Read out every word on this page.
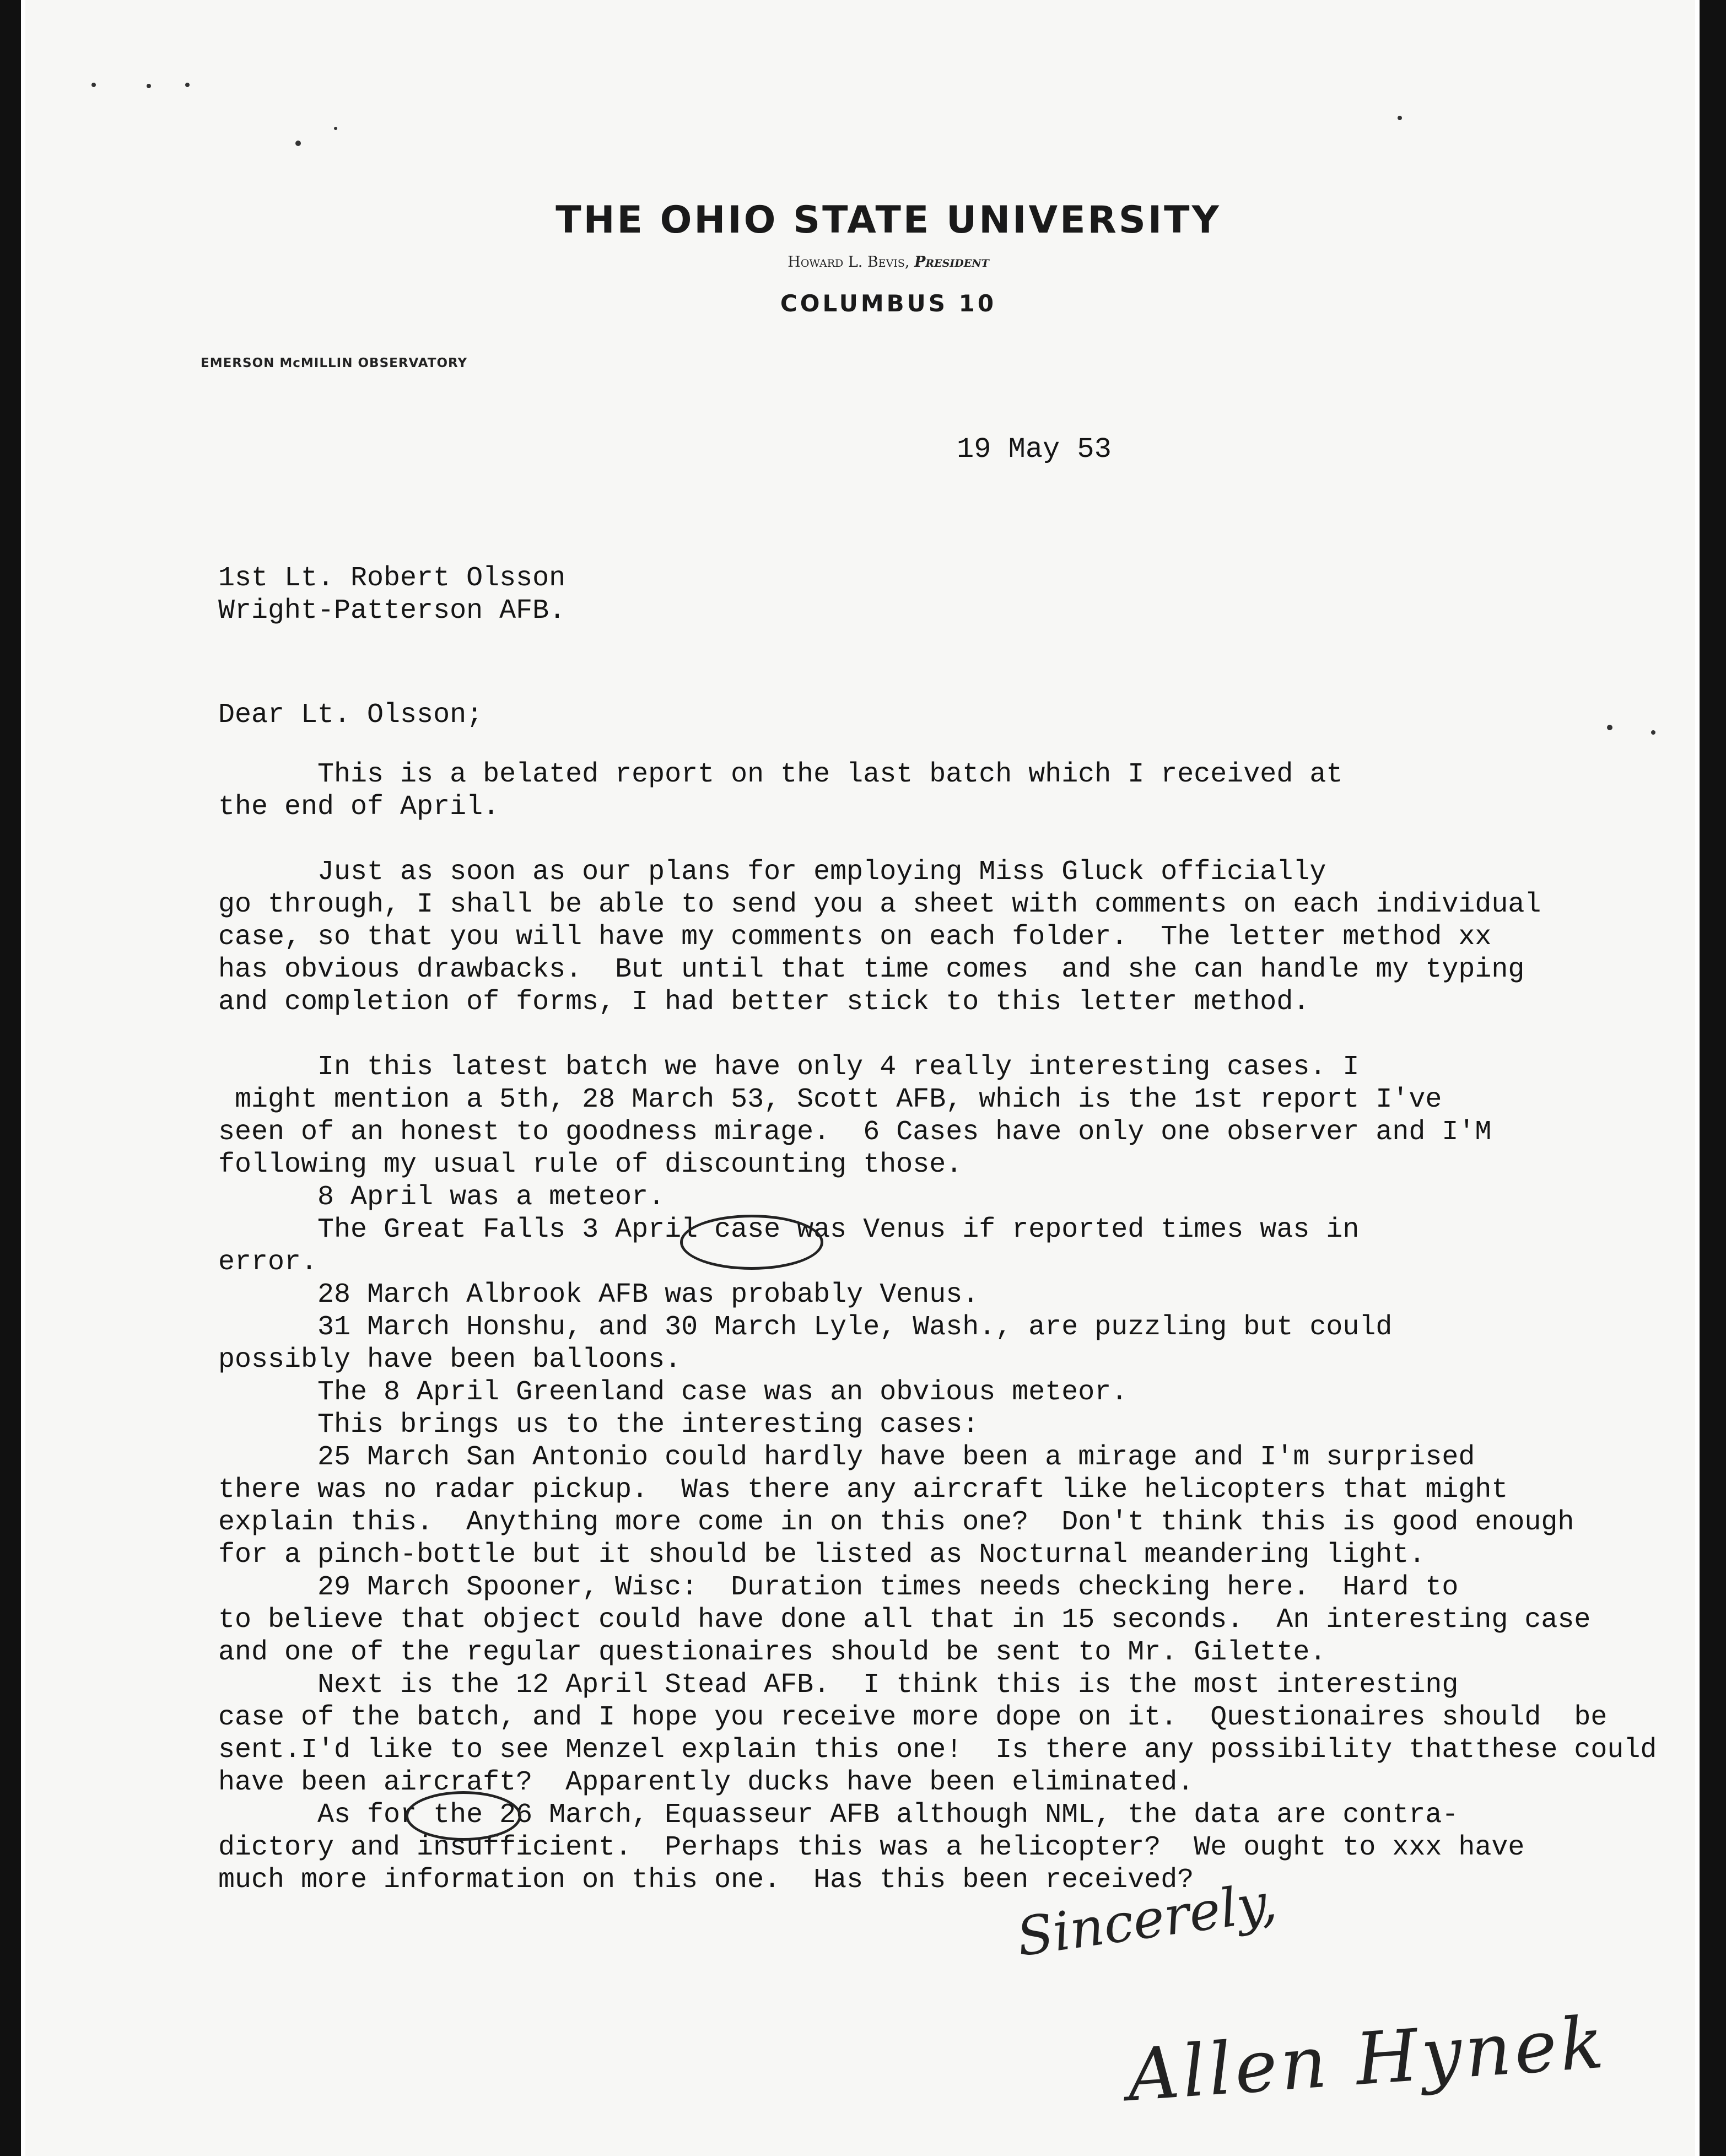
THE OHIO STATE UNIVERSITY
Howard L. Bevis, President
COLUMBUS 10
EMERSON McMILLIN OBSERVATORY
19 May 53
1st Lt. Robert Olsson
Wright-Patterson AFB.
Dear Lt. Olsson;
This is a belated report on the last batch which I received at
the end of April.

Just as soon as our plans for employing Miss Gluck officially
go through, I shall be able to send you a sheet with comments on each individual
case, so that you will have my comments on each folder.  The letter method xx
has obvious drawbacks.  But until that time comes  and she can handle my typing
and completion of forms, I had better stick to this letter method.

In this latest batch we have only 4 really interesting cases. I
might mention a 5th, 28 March 53, Scott AFB, which is the 1st report I've
seen of an honest to goodness mirage.  6 Cases have only one observer and I'M
following my usual rule of discounting those.
8 April was a meteor.
The Great Falls 3 April case was Venus if reported times was in
error.
28 March Albrook AFB was probably Venus.
31 March Honshu, and 30 March Lyle, Wash., are puzzling but could
possibly have been balloons.
The 8 April Greenland case was an obvious meteor.
This brings us to the interesting cases:
25 March San Antonio could hardly have been a mirage and I'm surprised
there was no radar pickup.  Was there any aircraft like helicopters that might
explain this.  Anything more come in on this one?  Don't think this is good enough
for a pinch-bottle but it should be listed as Nocturnal meandering light.
29 March Spooner, Wisc:  Duration times needs checking here.  Hard to
to believe that object could have done all that in 15 seconds.  An interesting case
and one of the regular questionaires should be sent to Mr. Gilette.
Next is the 12 April Stead AFB.  I think this is the most interesting
case of the batch, and I hope you receive more dope on it.  Questionaires should  be
sent.I'd like to see Menzel explain this one!  Is there any possibility thatthese could
have been aircraft?  Apparently ducks have been eliminated.
As for the 26 March, Equasseur AFB although NML, the data are contra-
dictory and insufficient.  Perhaps this was a helicopter?  We ought to xxx have
much more information on this one.  Has this been received?
Sincerely,
Allen Hynek
